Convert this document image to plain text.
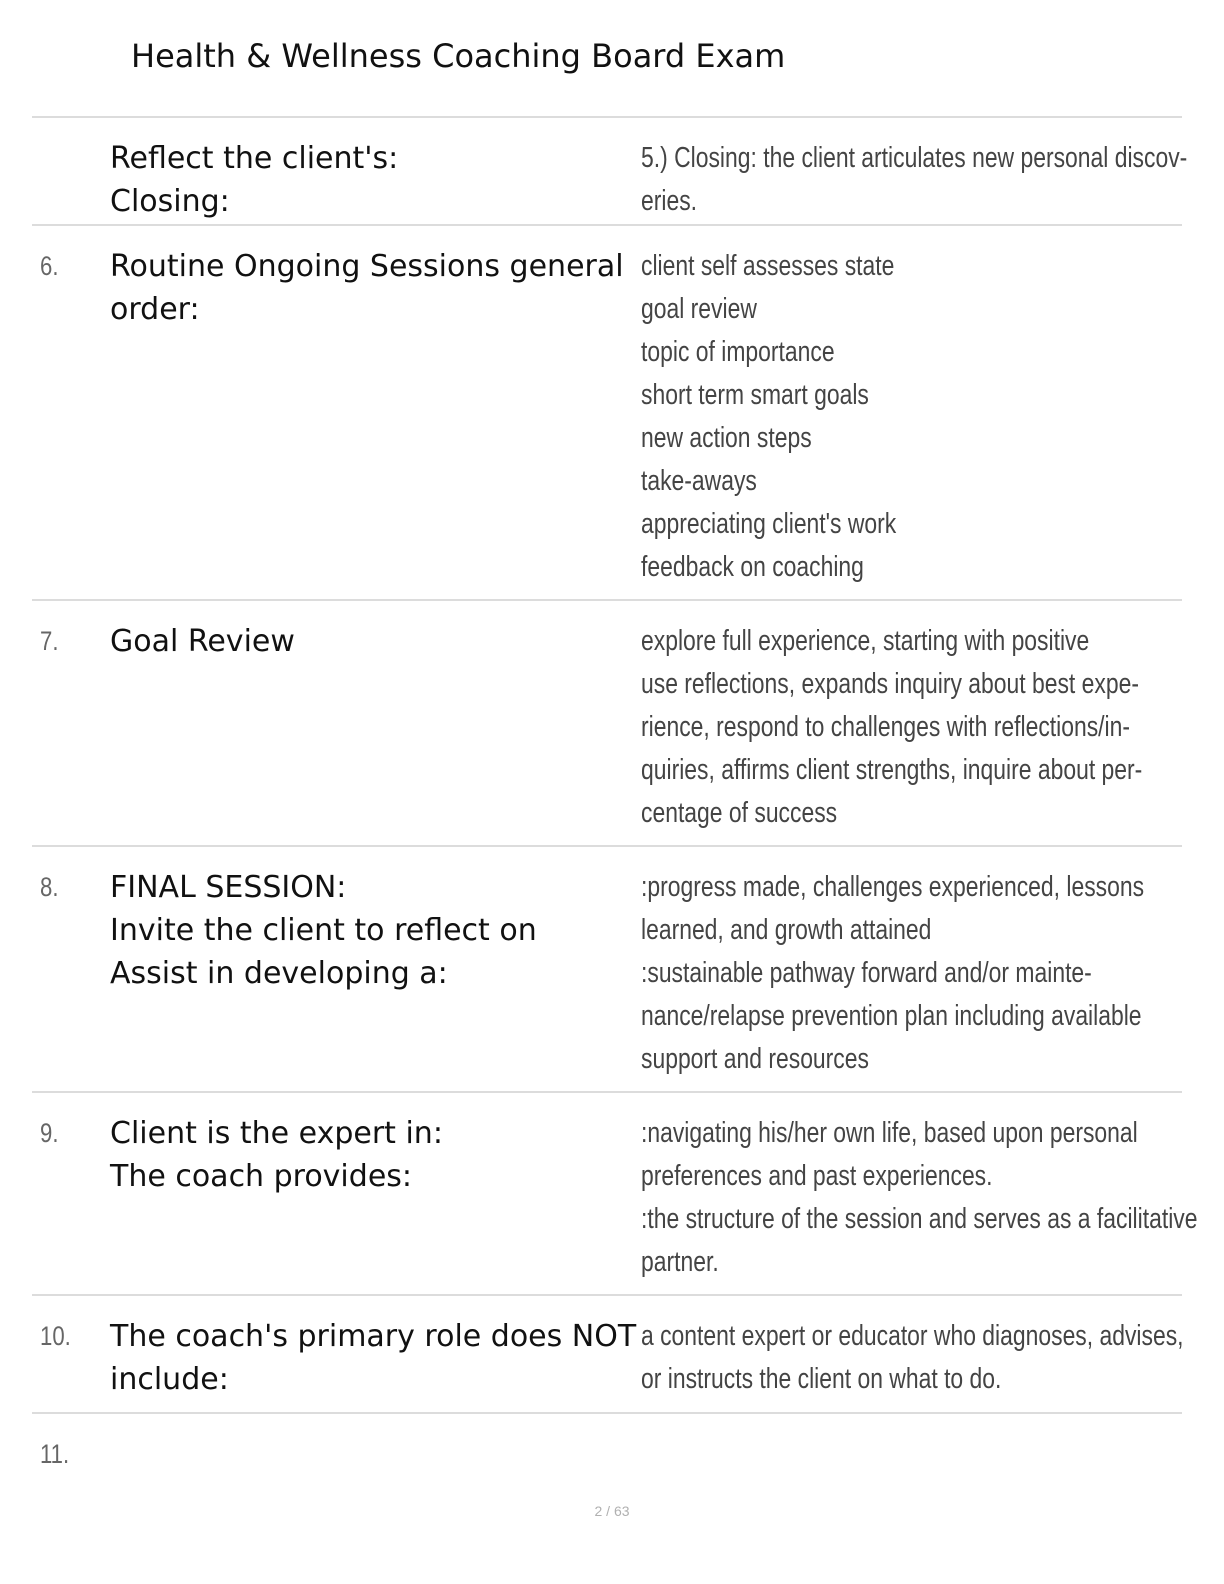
Health & Wellness Coaching Board Exam
Reflect the client's:
Closing:
5.) Closing: the client articulates new personal discov-
eries.
6. Routine Ongoing Sessions general
order:
client self assesses state
goal review
topic of importance
short term smart goals
new action steps
take-aways
appreciating client's work
feedback on coaching
7. Goal Review	explore full experience, starting with positive
use reflections, expands inquiry about best expe-
rience, respond to challenges with reflections/in-
quiries, affirms client strengths, inquire about per-
centage of success
8. FINAL SESSION:
Invite the client to reflect on
Assist in developing a:
:progress made, challenges experienced, lessons
learned, and growth attained
:sustainable pathway forward and/or mainte-
nance/relapse prevention plan including available
support and resources
9. Client is the expert in:
The coach provides:
:navigating his/her own life, based upon personal
preferences and past experiences.
:the structure of the session and serves as a facilitative
partner.
10. The coach's primary role does NOT
include:
a content expert or educator who diagnoses, advises,
or instructs the client on what to do.
11.
2 / 63
